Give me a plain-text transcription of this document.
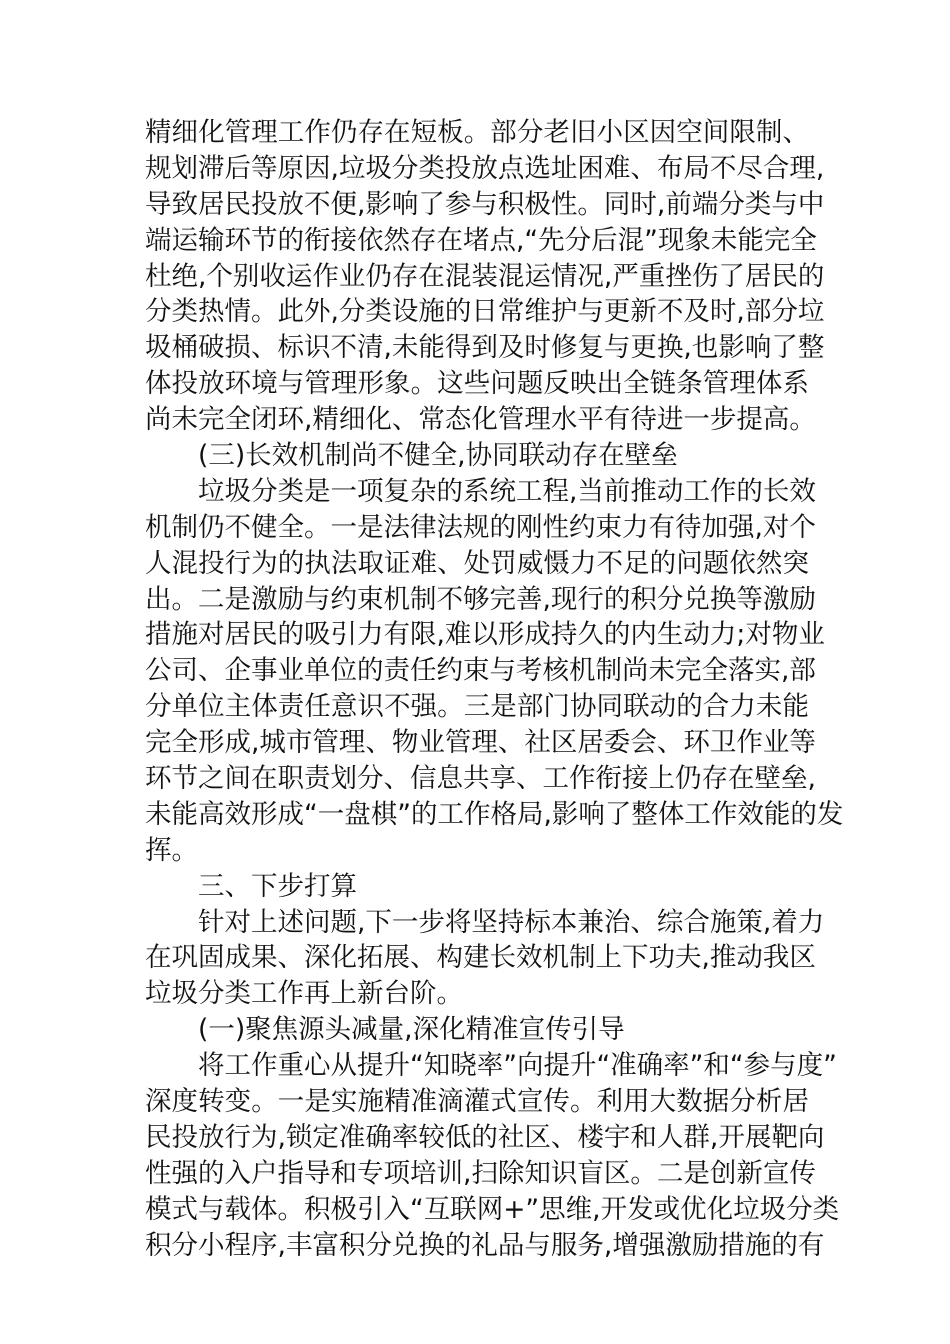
精细化管理工作仍存在短板。部分老旧小区因空间限制、
规划滞后等原因,垃圾分类投放点选址困难、布局不尽合理,
导致居民投放不便,影响了参与积极性。同时,前端分类与中
端运输环节的衔接依然存在堵点,“先分后混”现象未能完全
杜绝,个别收运作业仍存在混装混运情况,严重挫伤了居民的
分类热情。此外,分类设施的日常维护与更新不及时,部分垃
圾桶破损、标识不清,未能得到及时修复与更换,也影响了整
体投放环境与管理形象。这些问题反映出全链条管理体系
尚未完全闭环,精细化、常态化管理水平有待进一步提高。
(三)长效机制尚不健全,协同联动存在壁垒
垃圾分类是一项复杂的系统工程,当前推动工作的长效
机制仍不健全。一是法律法规的刚性约束力有待加强,对个
人混投行为的执法取证难、处罚威慑力不足的问题依然突
出。二是激励与约束机制不够完善,现行的积分兑换等激励
措施对居民的吸引力有限,难以形成持久的内生动力;对物业
公司、企事业单位的责任约束与考核机制尚未完全落实,部
分单位主体责任意识不强。三是部门协同联动的合力未能
完全形成,城市管理、物业管理、社区居委会、环卫作业等
环节之间在职责划分、信息共享、工作衔接上仍存在壁垒,
未能高效形成“一盘棋”的工作格局,影响了整体工作效能的发
挥。
三、下步打算
针对上述问题,下一步将坚持标本兼治、综合施策,着力
在巩固成果、深化拓展、构建长效机制上下功夫,推动我区
垃圾分类工作再上新台阶。
(一)聚焦源头减量,深化精准宣传引导
将工作重心从提升“知晓率”向提升“准确率”和“参与度”
深度转变。一是实施精准滴灌式宣传。利用大数据分析居
民投放行为,锁定准确率较低的社区、楼宇和人群,开展靶向
性强的入户指导和专项培训,扫除知识盲区。二是创新宣传
模式与载体。积极引入“互联网+”思维,开发或优化垃圾分类
积分小程序,丰富积分兑换的礼品与服务,增强激励措施的有
